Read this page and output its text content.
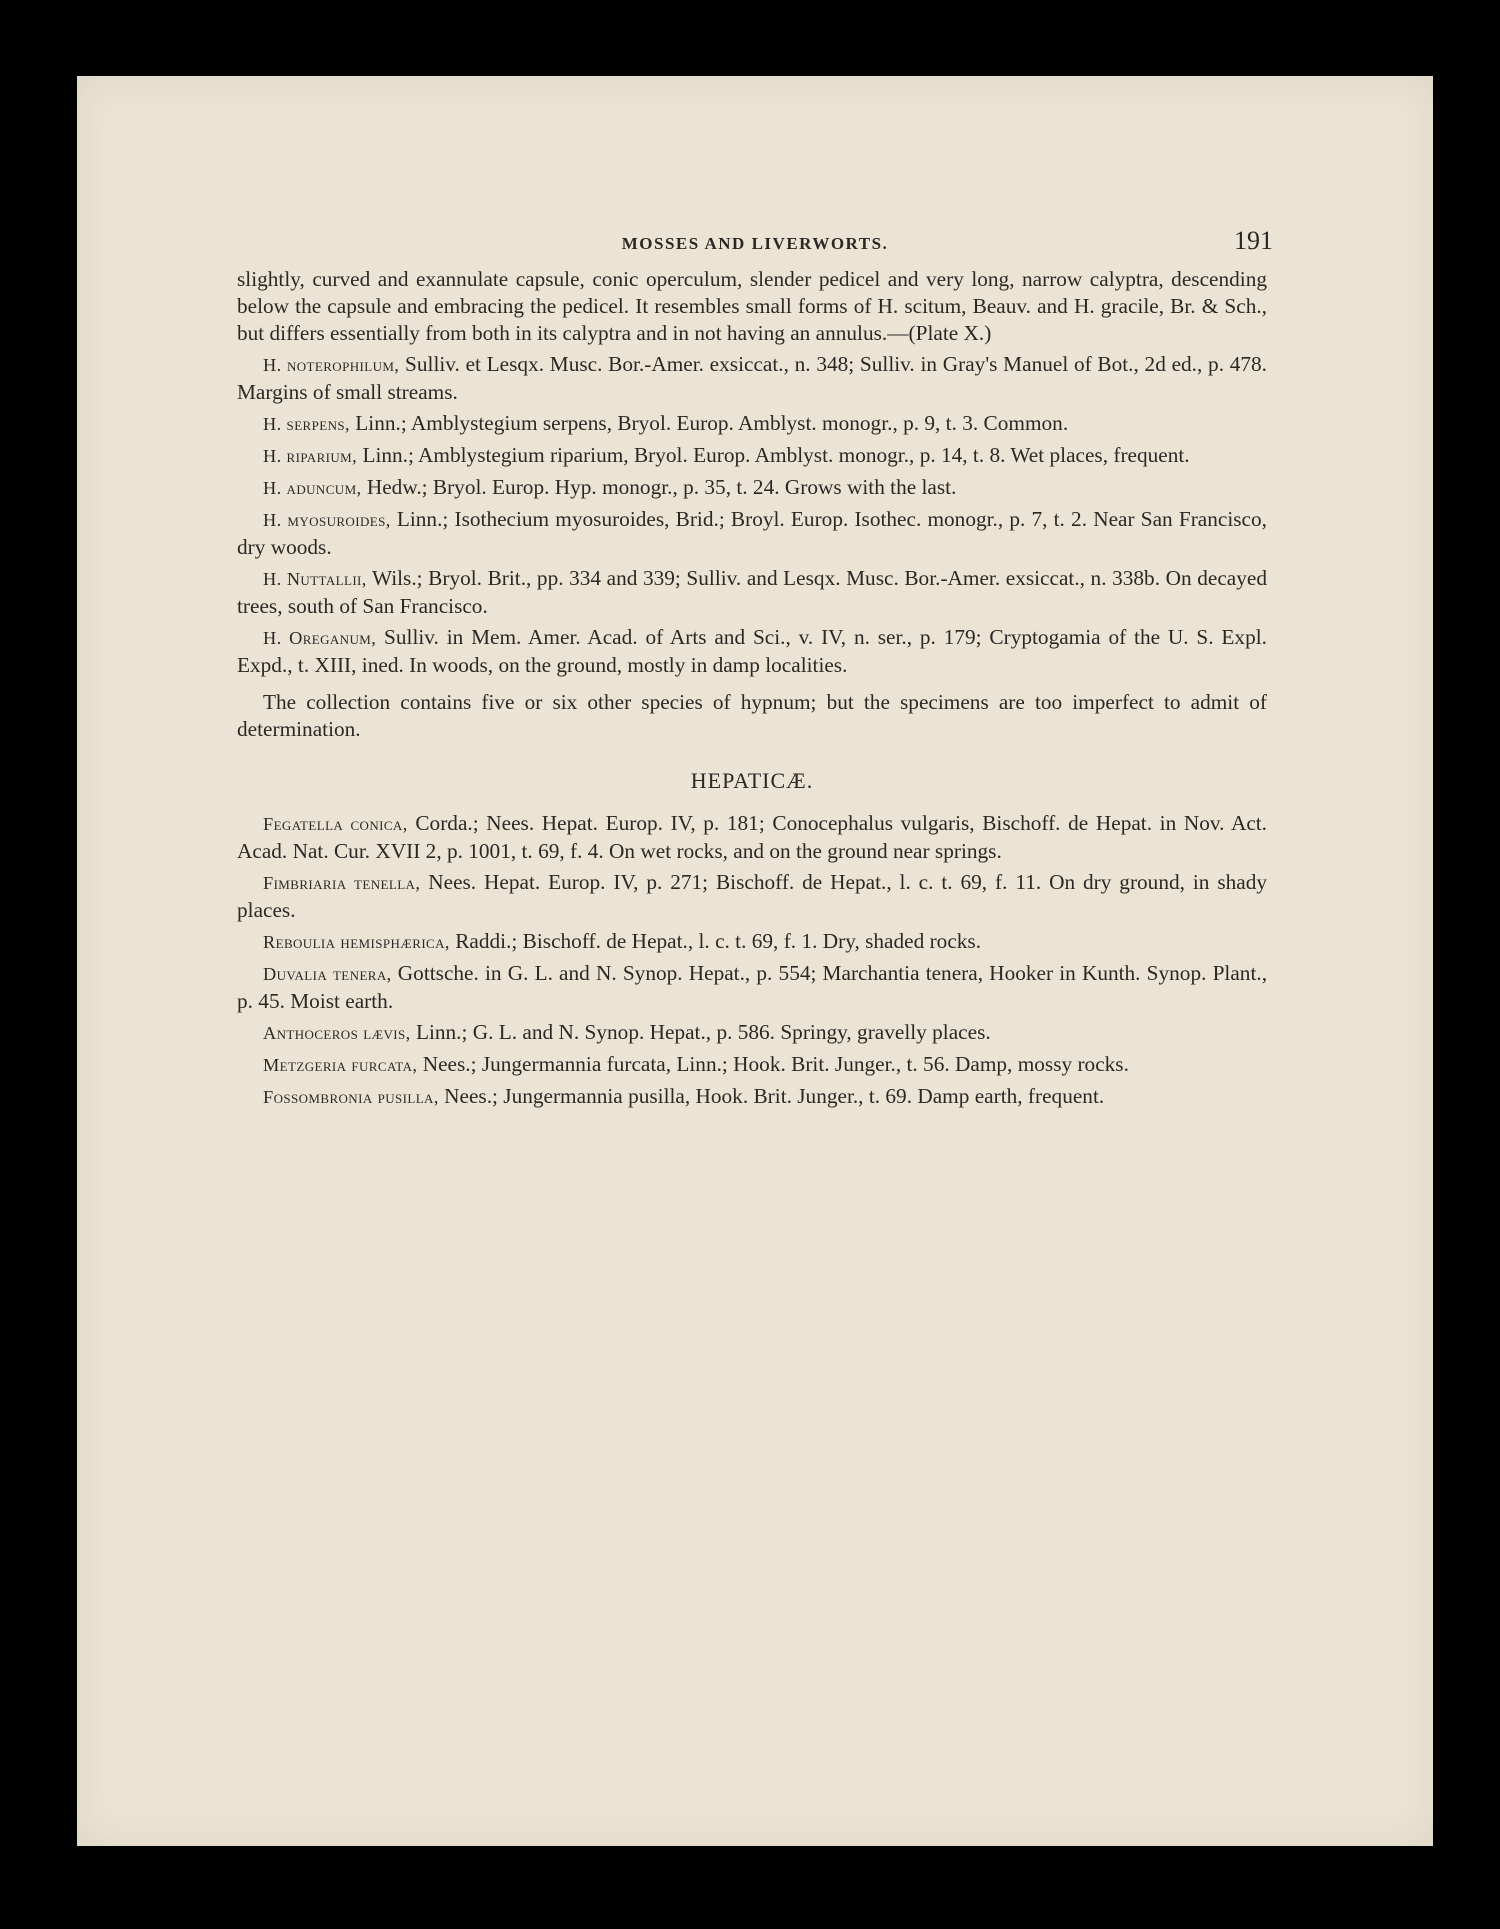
MOSSES AND LIVERWORTS.	191

slightly, curved and exannulate capsule, conic operculum, slender pedicel and very long, narrow calyptra, descending below the capsule and embracing the pedicel. It resembles small forms of H. scitum, Beauv. and H. gracile, Br. & Sch., but differs essentially from both in its calyptra and in not having an annulus.—(Plate X.)

H. noterophilum, Sulliv. et Lesqx. Musc. Bor.-Amer. exsiccat., n. 348; Sulliv. in Gray's Manuel of Bot., 2d ed., p. 478. Margins of small streams.

H. serpens, Linn.; Amblystegium serpens, Bryol. Europ. Amblyst. monogr., p. 9, t. 3. Common.

H. riparium, Linn.; Amblystegium riparium, Bryol. Europ. Amblyst. monogr., p. 14, t. 8. Wet places, frequent.

H. aduncum, Hedw.; Bryol. Europ. Hyp. monogr., p. 35, t. 24. Grows with the last.

H. myosuroides, Linn.; Isothecium myosuroides, Brid.; Broyl. Europ. Isothec. monogr., p. 7, t. 2. Near San Francisco, dry woods.

H. Nuttallii, Wils.; Bryol. Brit., pp. 334 and 339; Sulliv. and Lesqx. Musc. Bor.-Amer. exsiccat., n. 338b. On decayed trees, south of San Francisco.

H. Oreganum, Sulliv. in Mem. Amer. Acad. of Arts and Sci., v. IV, n. ser., p. 179; Cryptogamia of the U. S. Expl. Expd., t. XIII, ined. In woods, on the ground, mostly in damp localities.

The collection contains five or six other species of hypnum; but the specimens are too imperfect to admit of determination.

HEPATICÆ.

Fegatella conica, Corda.; Nees. Hepat. Europ. IV, p. 181; Conocephalus vulgaris, Bischoff. de Hepat. in Nov. Act. Acad. Nat. Cur. XVII 2, p. 1001, t. 69, f. 4. On wet rocks, and on the ground near springs.

Fimbriaria tenella, Nees. Hepat. Europ. IV, p. 271; Bischoff. de Hepat., l. c. t. 69, f. 11. On dry ground, in shady places.

Reboulia hemisphærica, Raddi.; Bischoff. de Hepat., l. c. t. 69, f. 1. Dry, shaded rocks.

Duvalia tenera, Gottsche. in G. L. and N. Synop. Hepat., p. 554; Marchantia tenera, Hooker in Kunth. Synop. Plant., p. 45. Moist earth.

Anthoceros lævis, Linn.; G. L. and N. Synop. Hepat., p. 586. Springy, gravelly places.

Metzgeria furcata, Nees.; Jungermannia furcata, Linn.; Hook. Brit. Junger., t. 56. Damp, mossy rocks.

Fossombronia pusilla, Nees.; Jungermannia pusilla, Hook. Brit. Junger., t. 69. Damp earth, frequent.
